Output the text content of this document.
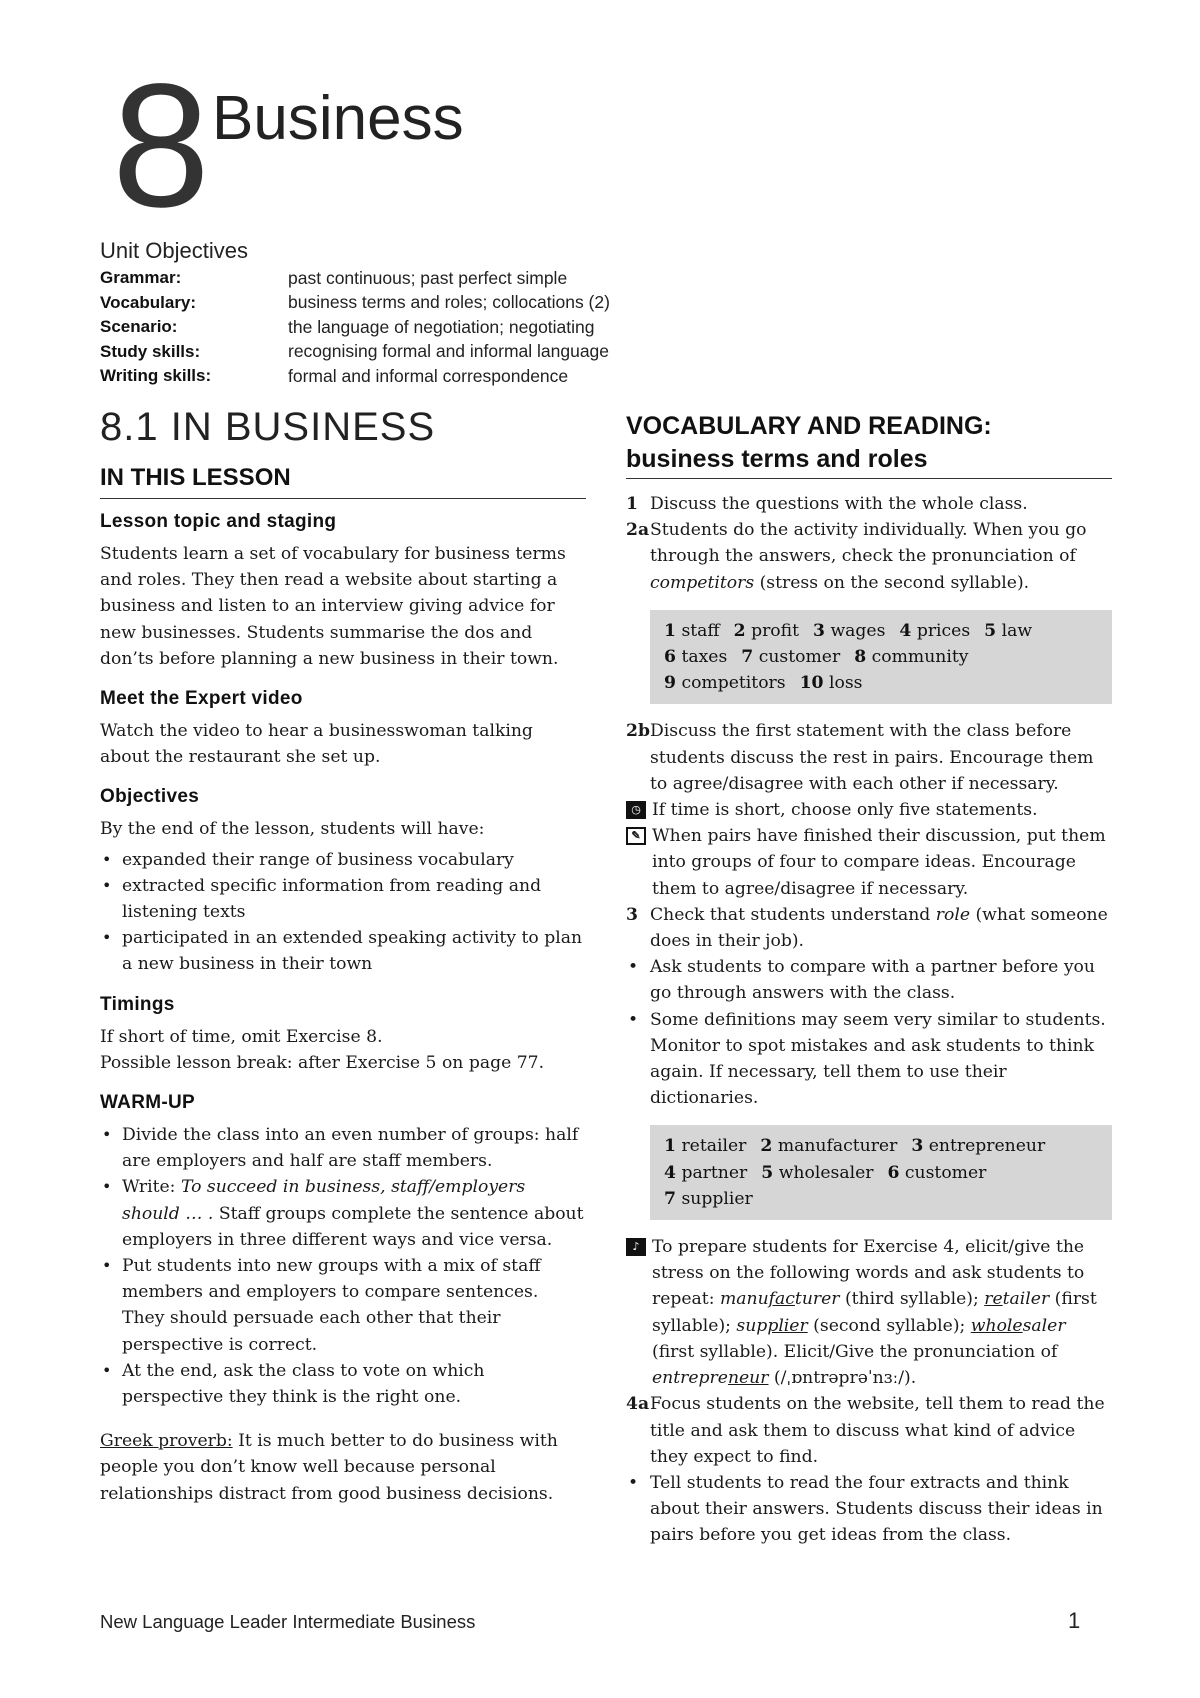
8 Business
Unit Objectives
Grammar:	past continuous; past perfect simple
Vocabulary:	business terms and roles; collocations (2)
Scenario:	the language of negotiation; negotiating
Study skills:	recognising formal and informal language
Writing skills:	formal and informal correspondence
8.1 IN BUSINESS
IN THIS LESSON
Lesson topic and staging

Students learn a set of vocabulary for business terms and roles. They then read a website about starting a business and listen to an interview giving advice for new businesses. Students summarise the dos and don’ts before planning a new business in their town.

Meet the Expert video

Watch the video to hear a businesswoman talking about the restaurant she set up.

Objectives

By the end of the lesson, students will have:

• expanded their range of business vocabulary
• extracted specific information from reading and listening texts
• participated in an extended speaking activity to plan a new business in their town
Timings

If short of time, omit Exercise 8.

Possible lesson break: after Exercise 5 on page 77.

WARM-UP
• Divide the class into an even number of groups: half are employers and half are staff members.
• Write: To succeed in business, staff/employers should … . Staff groups complete the sentence about employers in three different ways and vice versa.
• Put students into new groups with a mix of staff members and employers to compare sentences. They should persuade each other that their perspective is correct.
• At the end, ask the class to vote on which perspective they think is the right one.

Greek proverb: It is much better to do business with people you don’t know well because personal relationships distract from good business decisions.

VOCABULARY AND READING:
business terms and roles
1 Discuss the questions with the whole class.
2a Students do the activity individually. When you go through the answers, check the pronunciation of competitors (stress on the second syllable).
1 staff 2 profit 3 wages 4 prices 5 law
6 taxes 7 customer 8 community
9 competitors 10 loss
2b Discuss the first statement with the class before students discuss the rest in pairs. Encourage them to agree/disagree with each other if necessary.
◷ If time is short, choose only five statements.
✎ When pairs have finished their discussion, put them into groups of four to compare ideas. Encourage them to agree/disagree if necessary.
3 Check that students understand role (what someone does in their job).
• Ask students to compare with a partner before you go through answers with the class.
• Some definitions may seem very similar to students. Monitor to spot mistakes and ask students to think again. If necessary, tell them to use their dictionaries.
1 retailer 2 manufacturer 3 entrepreneur
4 partner 5 wholesaler 6 customer
7 supplier
♪ To prepare students for Exercise 4, elicit/give the stress on the following words and ask students to repeat: manufacturer (third syllable); retailer (first syllable); supplier (second syllable); wholesaler (first syllable). Elicit/Give the pronunciation of entrepreneur (/ˌɒntrəprəˈnɜː/).
4a Focus students on the website, tell them to read the title and ask them to discuss what kind of advice they expect to find.
• Tell students to read the four extracts and think about their answers. Students discuss their ideas in pairs before you get ideas from the class.
New Language Leader Intermediate Business	1
